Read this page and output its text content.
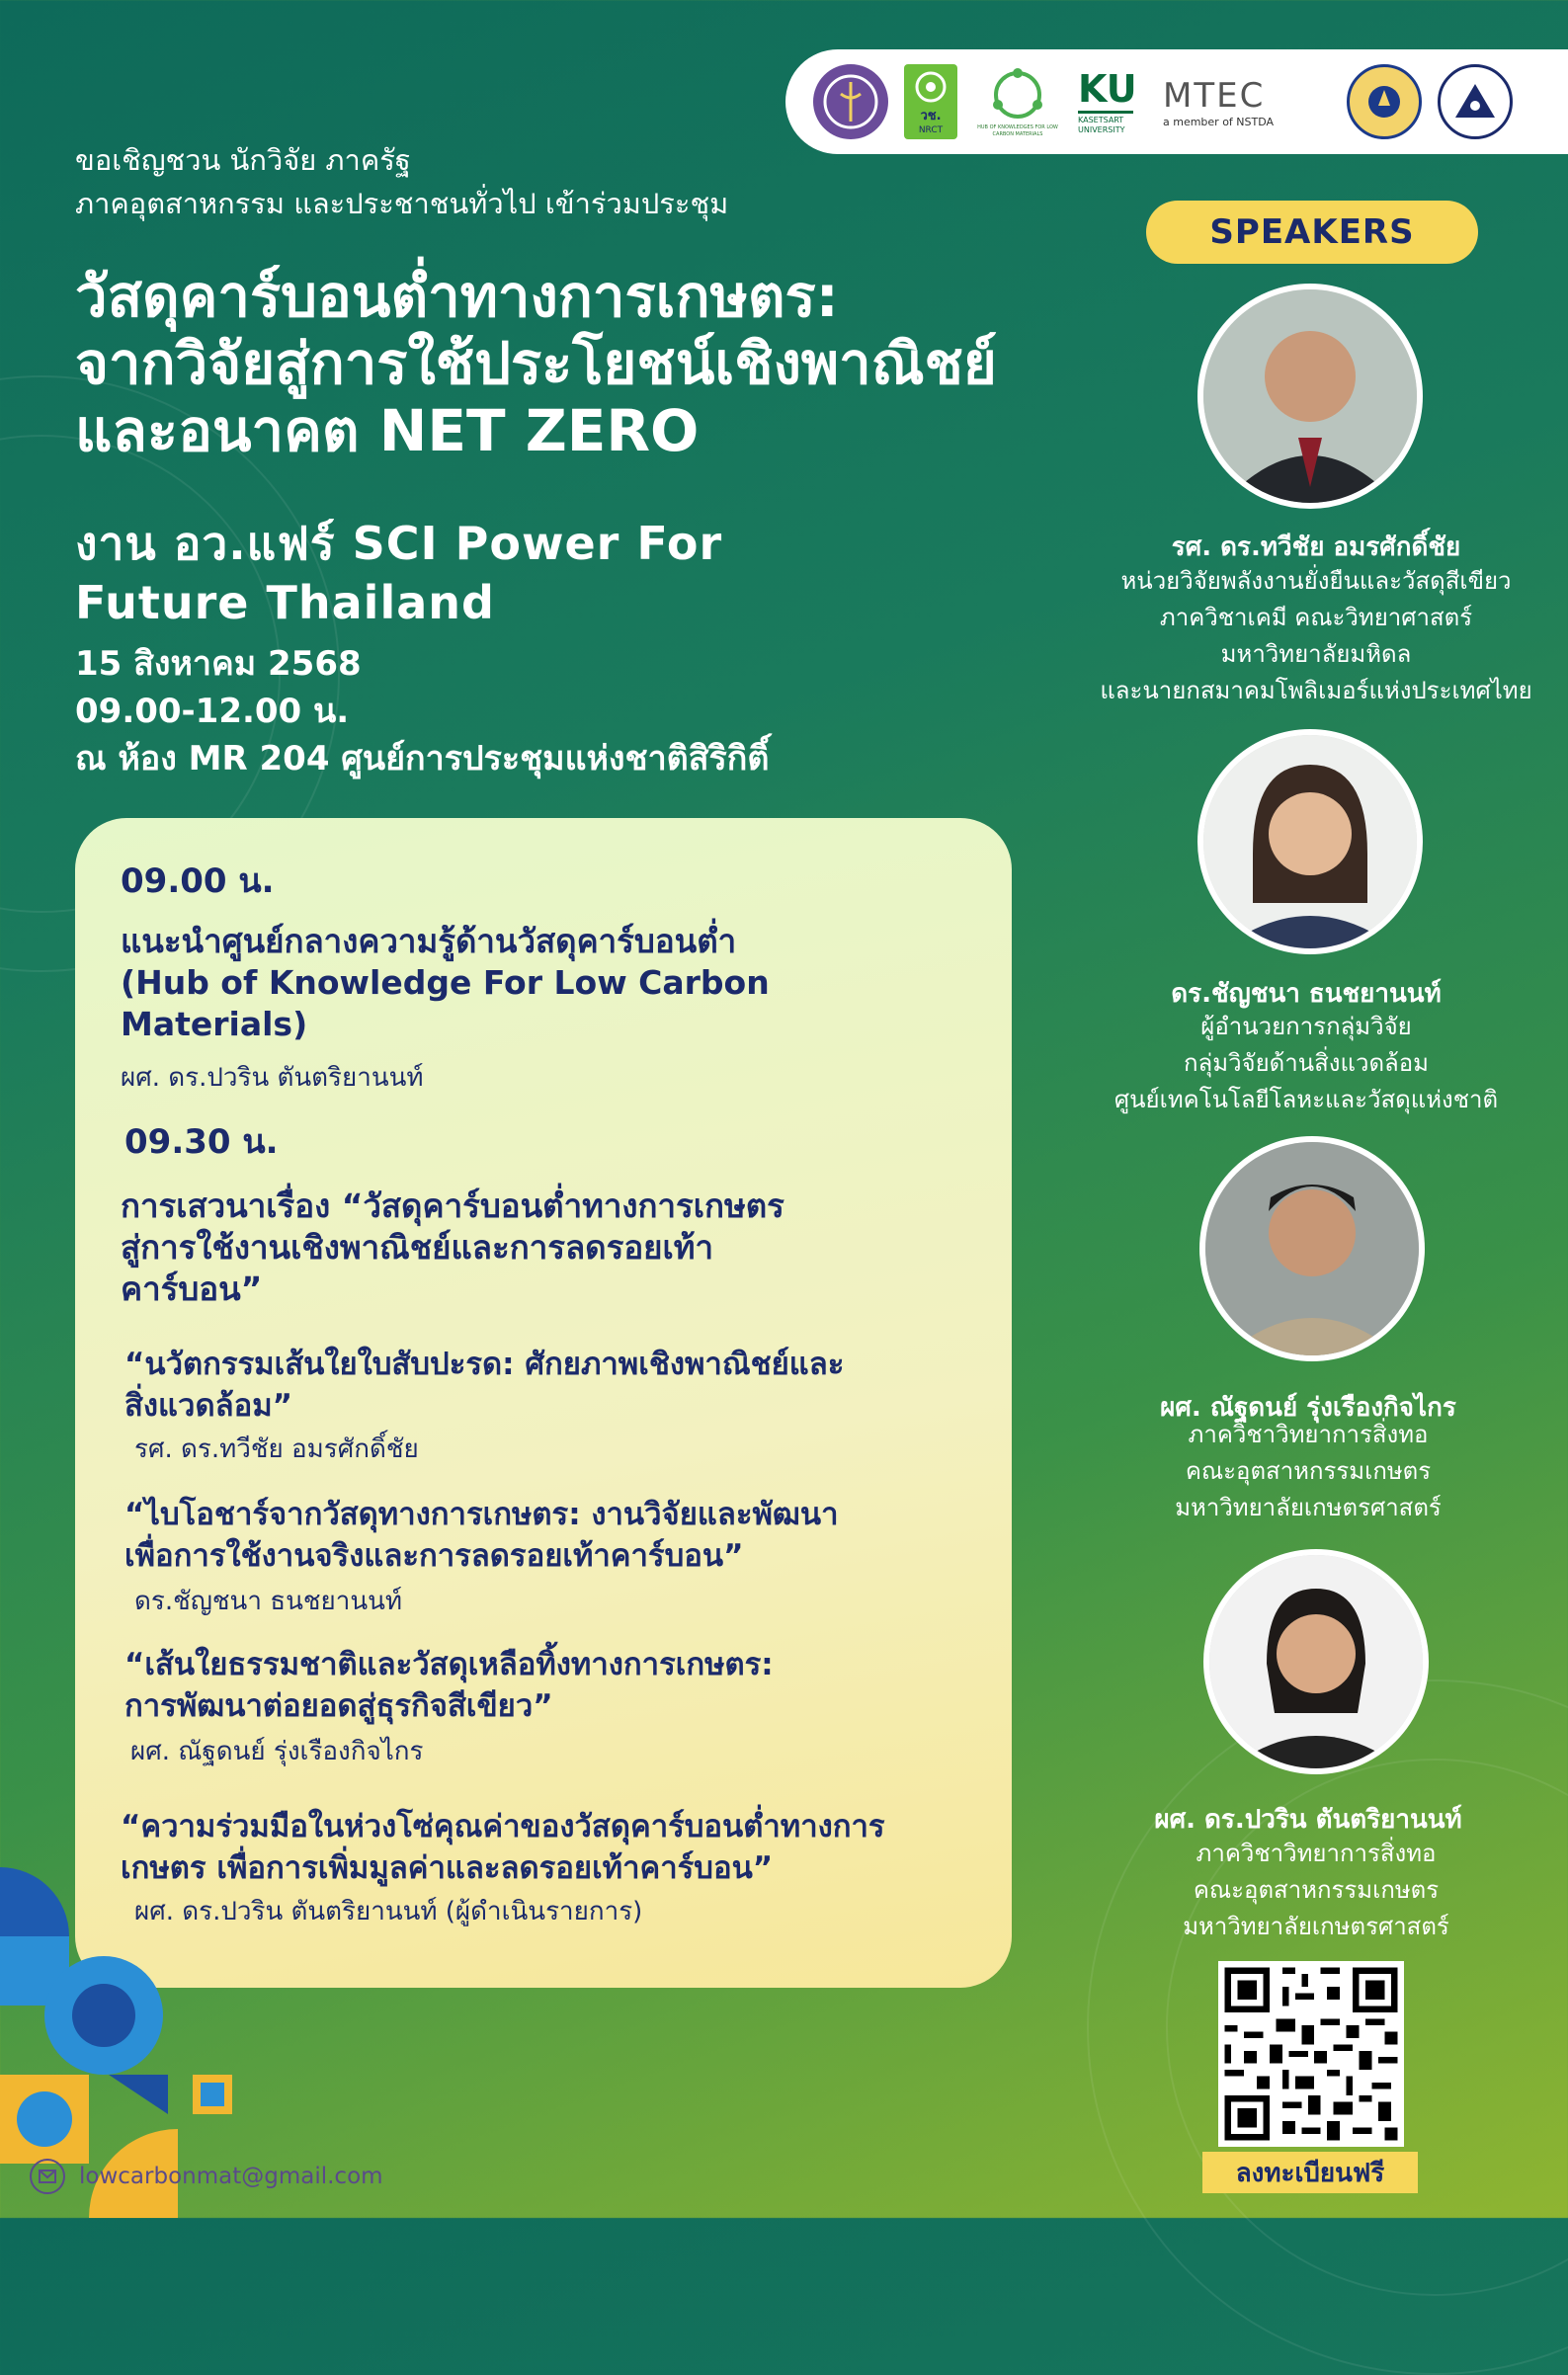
วช.
NRCT	HUB OF KNOWLEDGES FOR LOW CARBON MATERIALS
KU
KASETSART UNIVERSITY
MTEC
a member of NSTDA
ขอเชิญชวน นักวิจัย ภาครัฐ
ภาคอุตสาหกรรม และประชาชนทั่วไป เข้าร่วมประชุม
วัสดุคาร์บอนต่ำทางการเกษตร:
จากวิจัยสู่การใช้ประโยชน์เชิงพาณิชย์
และอนาคต NET ZERO
งาน อว.แฟร์ SCI Power For
Future Thailand
15 สิงหาคม 2568
09.00-12.00 น.
ณ ห้อง MR 204 ศูนย์การประชุมแห่งชาติสิริกิติ์
09.00 น.
แนะนำศูนย์กลางความรู้ด้านวัสดุคาร์บอนต่ำ
(Hub of Knowledge For Low Carbon
Materials)
ผศ. ดร.ปวริน ตันตริยานนท์
09.30 น.
การเสวนาเรื่อง “วัสดุคาร์บอนต่ำทางการเกษตร
สู่การใช้งานเชิงพาณิชย์และการลดรอยเท้า
คาร์บอน”
“นวัตกรรมเส้นใยใบสับปะรด: ศักยภาพเชิงพาณิชย์และ
สิ่งแวดล้อม”
รศ. ดร.ทวีชัย อมรศักดิ์ชัย
“ไบโอชาร์จากวัสดุทางการเกษตร: งานวิจัยและพัฒนา
เพื่อการใช้งานจริงและการลดรอยเท้าคาร์บอน”
ดร.ชัญชนา ธนชยานนท์
“เส้นใยธรรมชาติและวัสดุเหลือทิ้งทางการเกษตร:
การพัฒนาต่อยอดสู่ธุรกิจสีเขียว”
ผศ. ณัฐดนย์ รุ่งเรืองกิจไกร
“ความร่วมมือในห่วงโซ่คุณค่าของวัสดุคาร์บอนต่ำทางการ
เกษตร เพื่อการเพิ่มมูลค่าและลดรอยเท้าคาร์บอน”
ผศ. ดร.ปวริน ตันตริยานนท์ (ผู้ดำเนินรายการ)
SPEAKERS
รศ. ดร.ทวีชัย อมรศักดิ์ชัย
หน่วยวิจัยพลังงานยั่งยืนและวัสดุสีเขียว
ภาควิชาเคมี คณะวิทยาศาสตร์
มหาวิทยาลัยมหิดล
และนายกสมาคมโพลิเมอร์แห่งประเทศไทย
ดร.ชัญชนา ธนชยานนท์
ผู้อำนวยการกลุ่มวิจัย
กลุ่มวิจัยด้านสิ่งแวดล้อม
ศูนย์เทคโนโลยีโลหะและวัสดุแห่งชาติ
ผศ. ณัฐดนย์ รุ่งเรืองกิจไกร
ภาควิชาวิทยาการสิ่งทอ
คณะอุตสาหกรรมเกษตร
มหาวิทยาลัยเกษตรศาสตร์
ผศ. ดร.ปวริน ตันตริยานนท์
ภาควิชาวิทยาการสิ่งทอ
คณะอุตสาหกรรมเกษตร
มหาวิทยาลัยเกษตรศาสตร์
ลงทะเบียนฟรี
lowcarbonmat@gmail.com
